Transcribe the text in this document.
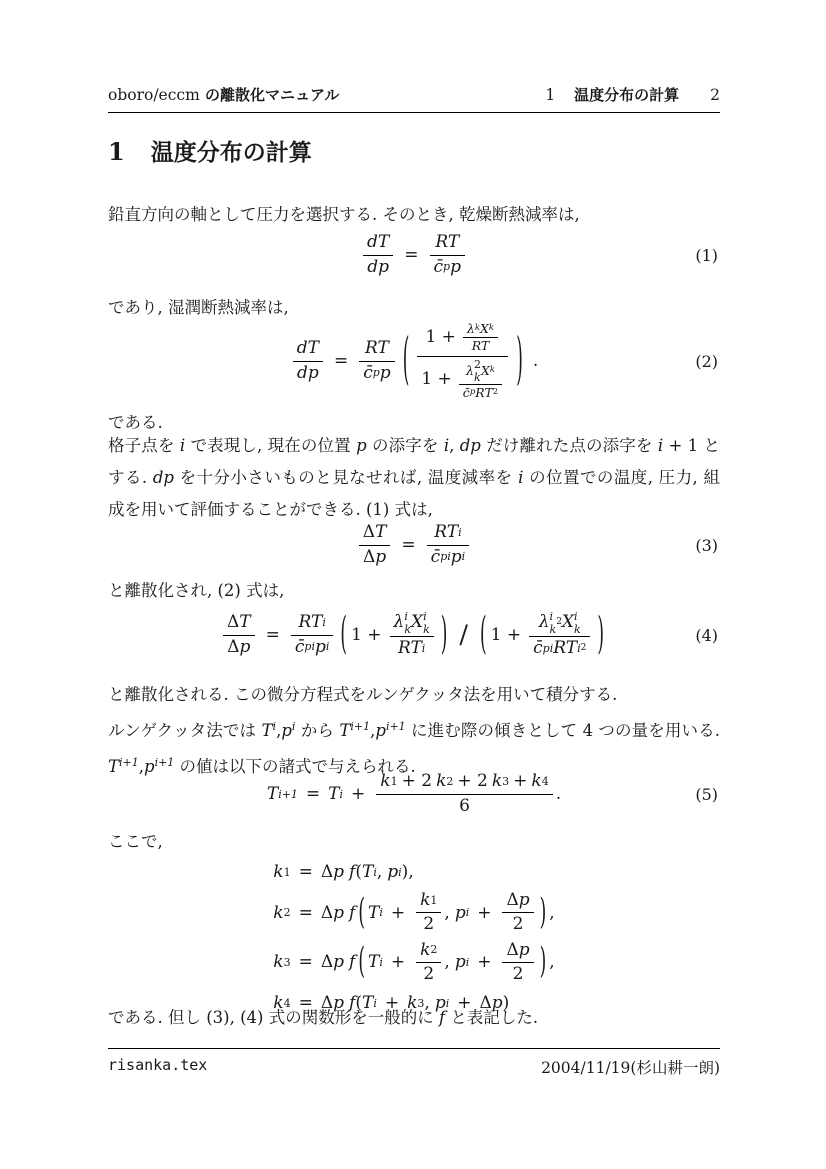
oboro/eccm の離散化マニュアル	1 温度分布の計算 2
1 温度分布の計算

鉛直方向の軸として圧力を選択する. そのとき, 乾燥断熱減率は,

$\frac{dT}{dp} = \frac{RT}{\text{c̄ p p}}$	(1)

であり, 湿潤断熱減率は,

$\frac{dT}{dp} = \frac{RT}{\text{c̄ p p}}$ ( $1 + \frac{\text{λ k X k}}{RT}$
1 + λ 2
k X k
c̄ p RT 2 ) .	(2)

である.

格子点を i で表現し, 現在の位置 p の添字を i, dp だけ離れた点の添字を i + 1 とする. dp を十分小さいものと見なせれば, 温度減率を i の位置での温度, 圧力, 組成を用いて評価することができる. (1) 式は,

$\frac{\text{Δ T}}{\text{Δ p}} = \frac{\text{RT i}}{\text{c̄ p i p i}}$	(3)

と離散化され, (2) 式は,

$\frac{\text{Δ T}}{\text{Δ p}} = \frac{\text{RT i}}{\text{c̄ p i p i}}$ ( 1 + λ i
k X i
k
RT i ) / ( 1 + λ i
k
2 X i
k
c̄ p i RT i 2 )	(4)

と離散化される. この微分方程式をルンゲクッタ法を用いて積分する.

ルンゲクッタ法では $T^i,p^i$ から $T^{i+1},p^{i+1}$ に進む際の傾きとして 4 つの量を用いる. $T^{i+1},p^{i+1}$ の値は以下の諸式で与えられる.

T i+1 = T $i + \frac{k 1 + 2 k 2 + 2 k 3 + k 4}{6}$ .	(5)

ここで,

k 1 = Δ p f ( T i , p i ) ,
k 2 = Δ p f ( T $i + \frac{k 1}{2}$ , p $i + \frac{\text{Δ p}}{2}$ ) ,
k 3 = Δ p f ( T $i + \frac{k 2}{2}$ , p $i + \frac{\text{Δ p}}{2}$ ) ,
k 4 = Δ p f ( T i + k 3 , p i + Δ p )

である. 但し (3), (4) 式の関数形を一般的に f と表記した.

risanka.tex	2004/11/19(杉山耕一朗)
